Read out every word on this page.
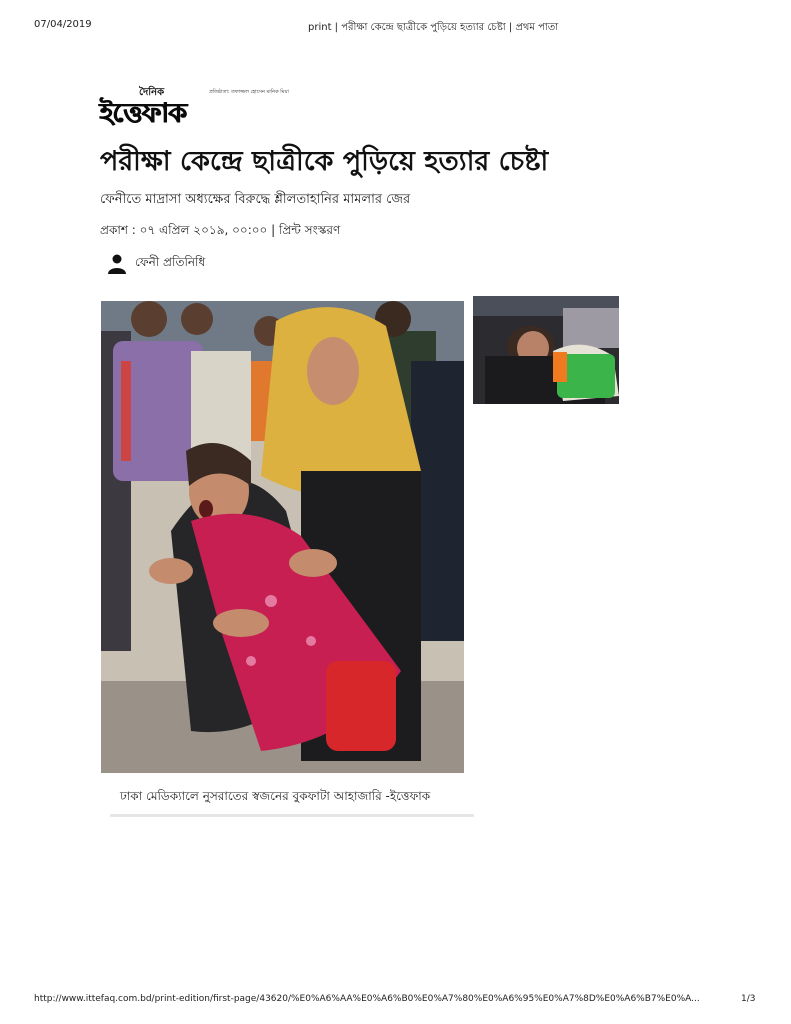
07/04/2019	print | পরীক্ষা কেন্দ্রে ছাত্রীকে পুড়িয়ে হত্যার চেষ্টা | প্রথম পাতা
দৈনিক	প্রতিষ্ঠাতা: তফাজ্জল হোসেন মানিক মিয়া
ইত্তেফাক
পরীক্ষা কেন্দ্রে ছাত্রীকে পুড়িয়ে হত্যার চেষ্টা
ফেনীতে মাদ্রাসা অধ্যক্ষের বিরুদ্ধে শ্লীলতাহানির মামলার জের
প্রকাশ : ০৭ এপ্রিল ২০১৯, ০০:০০ | প্রিন্ট সংস্করণ
ফেনী প্রতিনিধি
ঢাকা মেডিক্যালে নুসরাতের স্বজনের বুকফাটা আহাজারি -ইত্তেফাক
http://www.ittefaq.com.bd/print-edition/first-page/43620/%E0%A6%AA%E0%A6%B0%E0%A7%80%E0%A6%95%E0%A7%8D%E0%A6%B7%E0%A...	1/3
